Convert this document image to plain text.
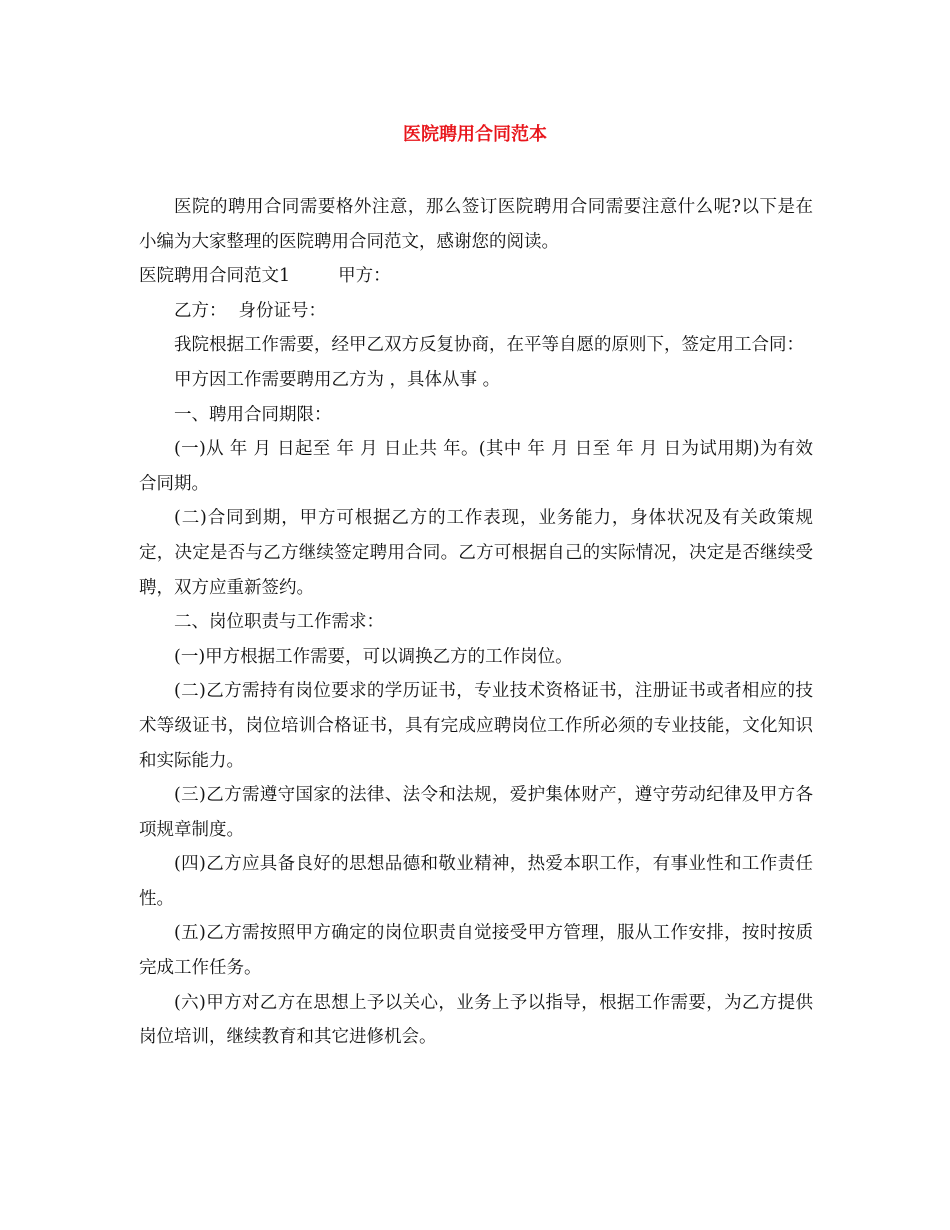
医院聘用合同范本

医院的聘用合同需要格外注意，那么签订医院聘用合同需要注意什么呢?以下是在小编为大家整理的医院聘用合同范文，感谢您的阅读。

医院聘用合同范文1	甲方：

乙方： 身份证号：

我院根据工作需要，经甲乙双方反复协商，在平等自愿的原则下，签定用工合同：

甲方因工作需要聘用乙方为 ，具体从事 。

一、聘用合同期限：

(一)从 年 月 日起至 年 月 日止共 年。(其中 年 月 日至 年 月 日为试用期)为有效合同期。

(二)合同到期，甲方可根据乙方的工作表现，业务能力，身体状况及有关政策规定，决定是否与乙方继续签定聘用合同。乙方可根据自己的实际情况，决定是否继续受聘，双方应重新签约。

二、岗位职责与工作需求：

(一)甲方根据工作需要，可以调换乙方的工作岗位。

(二)乙方需持有岗位要求的学历证书，专业技术资格证书，注册证书或者相应的技术等级证书，岗位培训合格证书，具有完成应聘岗位工作所必须的专业技能，文化知识和实际能力。

(三)乙方需遵守国家的法律、法令和法规，爱护集体财产，遵守劳动纪律及甲方各项规章制度。

(四)乙方应具备良好的思想品德和敬业精神，热爱本职工作，有事业性和工作责任性。

(五)乙方需按照甲方确定的岗位职责自觉接受甲方管理，服从工作安排，按时按质完成工作任务。

(六)甲方对乙方在思想上予以关心，业务上予以指导，根据工作需要，为乙方提供岗位培训，继续教育和其它进修机会。
